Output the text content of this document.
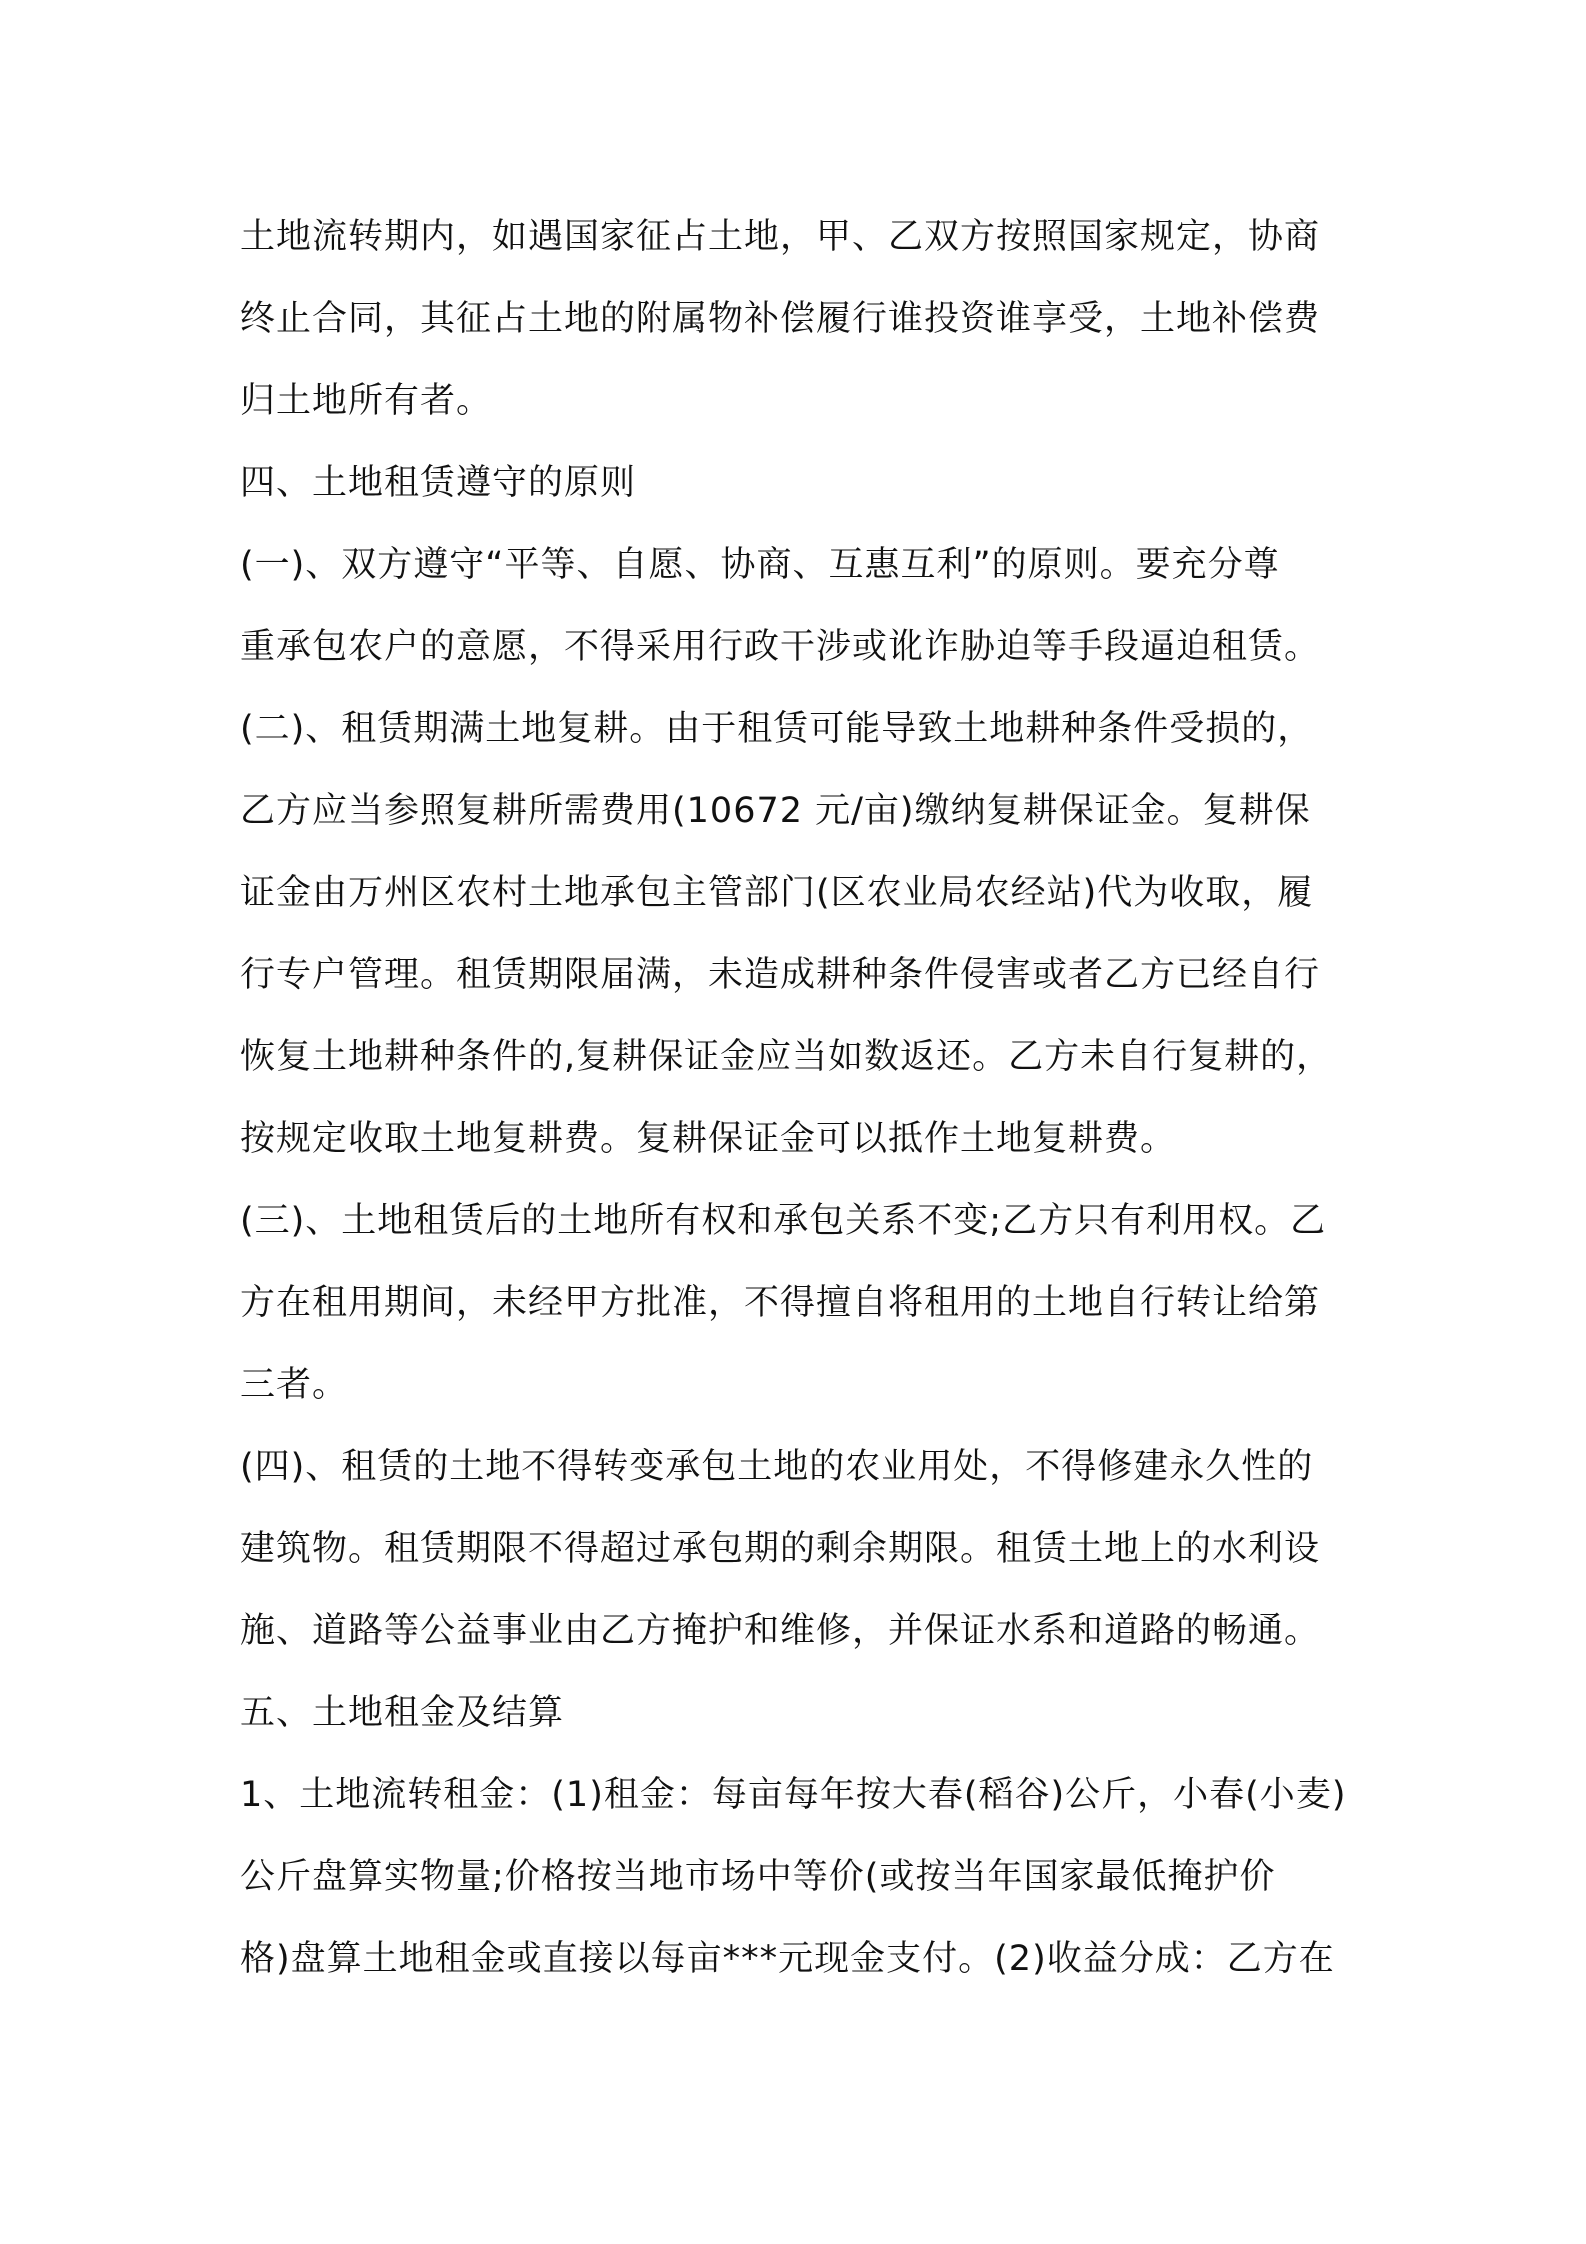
土地流转期内，如遇国家征占土地，甲、乙双方按照国家规定，协商
终止合同，其征占土地的附属物补偿履行谁投资谁享受，土地补偿费
归土地所有者。
四、土地租赁遵守的原则
(一)、双方遵守“平等、自愿、协商、互惠互利”的原则。要充分尊
重承包农户的意愿，不得采用行政干涉或讹诈胁迫等手段逼迫租赁。
(二)、租赁期满土地复耕。由于租赁可能导致土地耕种条件受损的，
乙方应当参照复耕所需费用(10672 元/亩)缴纳复耕保证金。复耕保
证金由万州区农村土地承包主管部门(区农业局农经站)代为收取，履
行专户管理。租赁期限届满，未造成耕种条件侵害或者乙方已经自行
恢复土地耕种条件的,复耕保证金应当如数返还。乙方未自行复耕的，
按规定收取土地复耕费。复耕保证金可以抵作土地复耕费。
(三)、土地租赁后的土地所有权和承包关系不变;乙方只有利用权。乙
方在租用期间，未经甲方批准，不得擅自将租用的土地自行转让给第
三者。
(四)、租赁的土地不得转变承包土地的农业用处，不得修建永久性的
建筑物。租赁期限不得超过承包期的剩余期限。租赁土地上的水利设
施、道路等公益事业由乙方掩护和维修，并保证水系和道路的畅通。
五、土地租金及结算
1、土地流转租金：(1)租金：每亩每年按大春(稻谷)公斤，小春(小麦)
公斤盘算实物量;价格按当地市场中等价(或按当年国家最低掩护价
格)盘算土地租金或直接以每亩***元现金支付。(2)收益分成：乙方在
